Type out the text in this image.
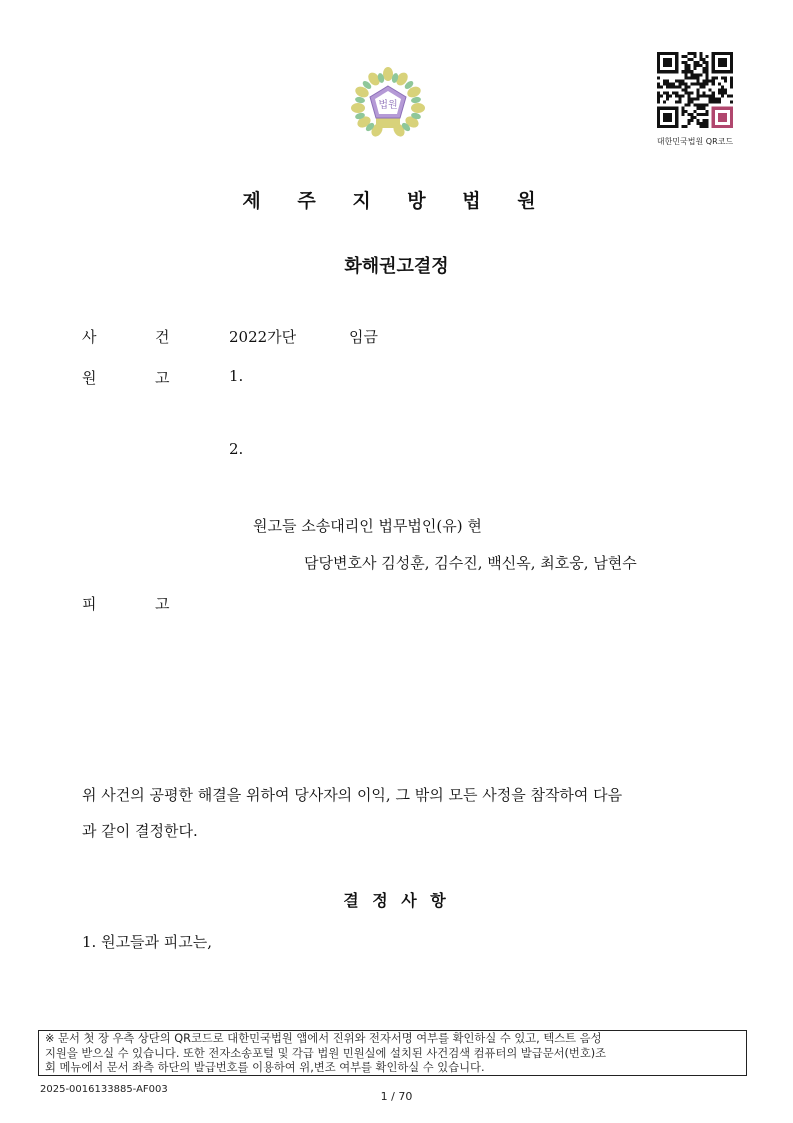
법원
대한민국법원 QR코드
제 주 지 방 법 원
화해권고결정
사	건	2022가단	임금
원	고	1.
2.
원고들 소송대리인 법무법인(유) 현
담당변호사 김성훈, 김수진, 백신옥, 최호웅, 남현수
피	고
위 사건의 공평한 해결을 위하여 당사자의 이익, 그 밖의 모든 사정을 참작하여 다음
과 같이 결정한다.
결 정 사 항
1. 원고들과 피고는,
※ 문서 첫 장 우측 상단의 QR코드로 대한민국법원 앱에서 진위와 전자서명 여부를 확인하실 수 있고, 텍스트 음성
지원을 받으실 수 있습니다. 또한 전자소송포털 및 각급 법원 민원실에 설치된 사건검색 컴퓨터의 발급문서(번호)조
회 메뉴에서 문서 좌측 하단의 발급번호를 이용하여 위,변조 여부를 확인하실 수 있습니다.
2025-0016133885-AF003
1 / 70
